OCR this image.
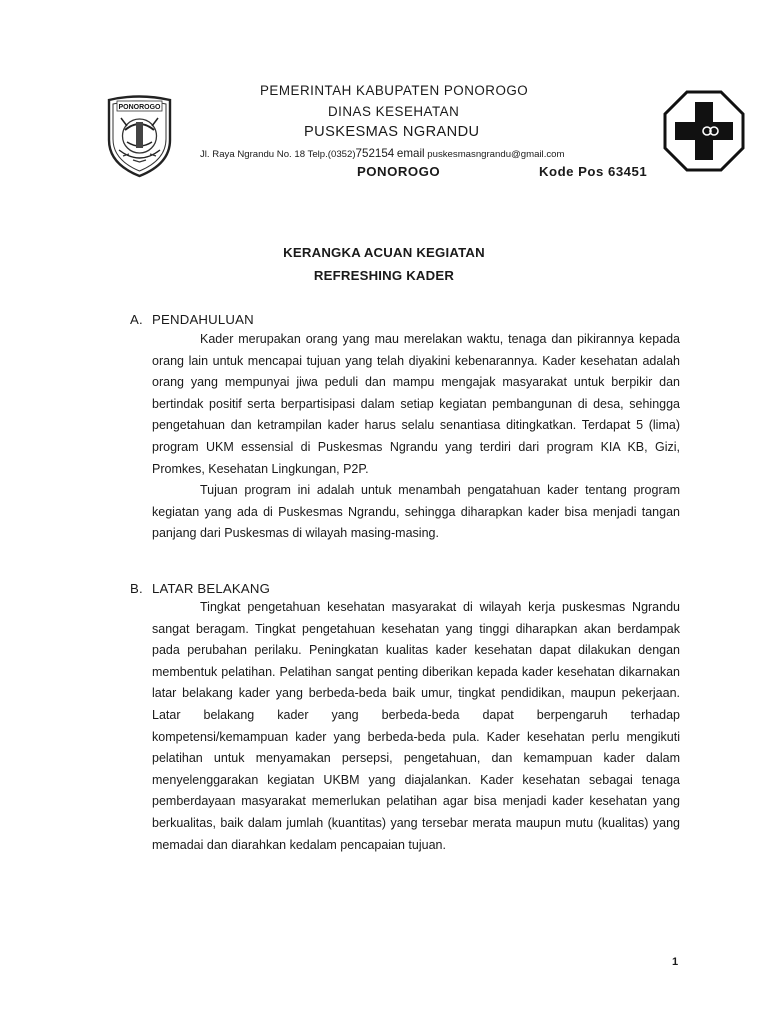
PONOROGO
PEMERINTAH KABUPATEN PONOROGO
DINAS KESEHATAN
PUSKESMAS NGRANDU
Jl. Raya Ngrandu No. 18 Telp.(0352)752154 email puskesmasngrandu@gmail.com
PONOROGO	Kode Pos 63451
KERANGKA ACUAN KEGIATAN
REFRESHING KADER
A. PENDAHULUAN

Kader merupakan orang yang mau merelakan waktu, tenaga dan pikirannya kepada orang lain untuk mencapai tujuan yang telah diyakini kebenarannya. Kader kesehatan adalah orang yang mempunyai jiwa peduli dan mampu mengajak masyarakat untuk berpikir dan bertindak positif serta berpartisipasi dalam setiap kegiatan pembangunan di desa, sehingga pengetahuan dan ketrampilan kader harus selalu senantiasa ditingkatkan. Terdapat 5 (lima) program UKM essensial di Puskesmas Ngrandu yang terdiri dari program KIA KB, Gizi, Promkes, Kesehatan Lingkungan, P2P.

Tujuan program ini adalah untuk menambah pengatahuan kader tentang program kegiatan yang ada di Puskesmas Ngrandu, sehingga diharapkan kader bisa menjadi tangan panjang dari Puskesmas di wilayah masing-masing.

B. LATAR BELAKANG

Tingkat pengetahuan kesehatan masyarakat di wilayah kerja puskesmas Ngrandu sangat beragam. Tingkat pengetahuan kesehatan yang tinggi diharapkan akan berdampak pada perubahan perilaku. Peningkatan kualitas kader kesehatan dapat dilakukan dengan membentuk pelatihan. Pelatihan sangat penting diberikan kepada kader kesehatan dikarnakan latar belakang kader yang berbeda-beda baik umur, tingkat pendidikan, maupun pekerjaan. Latar belakang kader yang berbeda-beda dapat berpengaruh terhadap kompetensi/kemampuan kader yang berbeda-beda pula. Kader kesehatan perlu mengikuti pelatihan untuk menyamakan persepsi, pengetahuan, dan kemampuan kader dalam menyelenggarakan kegiatan UKBM yang diajalankan. Kader kesehatan sebagai tenaga pemberdayaan masyarakat memerlukan pelatihan agar bisa menjadi kader kesehatan yang berkualitas, baik dalam jumlah (kuantitas) yang tersebar merata maupun mutu (kualitas) yang memadai dan diarahkan kedalam pencapaian tujuan.

1
